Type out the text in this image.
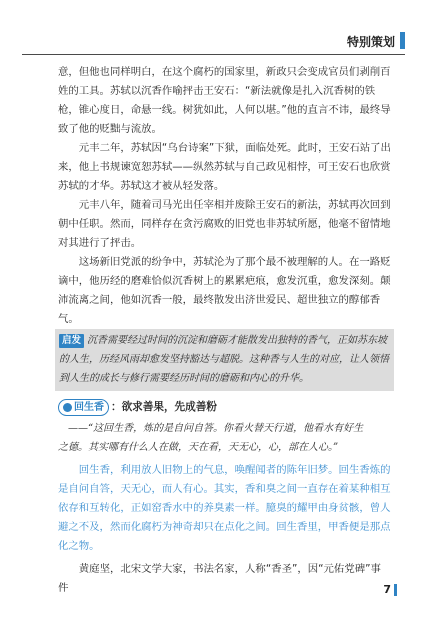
特别策划

意，但他也同样明白，在这个腐朽的国家里，新政只会变成官员们剥削百姓的工具。苏轼以沉香作喻抨击王安石：“新法就像是扎入沉香树的铁枪，锥心度日，命悬一线。树犹如此，人何以堪。”他的直言不讳，最终导致了他的贬黜与流放。

元丰二年，苏轼因“乌台诗案”下狱，面临处死。此时，王安石站了出来，他上书规谏宽恕苏轼——纵然苏轼与自己政见相悖，可王安石也欣赏苏轼的才华。苏轼这才被从轻发落。

元丰八年，随着司马光出任宰相并废除王安石的新法，苏轼再次回到朝中任职。然而，同样存在贪污腐败的旧党也非苏轼所愿，他毫不留情地对其进行了抨击。

这场新旧党派的纷争中，苏轼沦为了那个最不被理解的人。在一路贬谪中，他历经的磨难恰似沉香树上的累累疤痕，愈发沉重，愈发深刻。颠沛流离之间，他如沉香一般，最终散发出济世爱民、超世独立的醇郁香气。

启发 沉香需要经过时间的沉淀和磨砺才能散发出独特的香气，正如苏东坡的人生，历经风雨却愈发坚持豁达与超脱。这种香与人生的对应，让人领悟到人生的成长与修行需要经历时间的磨砺和内心的升华。
回生香 ：欲求善果，先成善粉

——“这回生香，炼的是自问自答。你看火替天行道，他看水有好生

之德。其实哪有什么人在做，天在看，天无心，心，部在人心。”

回生香，利用放人旧物上的气息，唤醒闻者的陈年旧梦。回生香炼的是自问自答，天无心，而人有心。其实，香和臭之间一直存在着某种相互依存和互转化，正如窑香水中的养臭素一样。臆臭的耀甲由身贫骸，曾人避之不及，然而化腐朽为神奇却只在点化之间。回生香里，甲香便是那点化之物。

黄庭坚，北宋文学大家，书法名家，人称“香圣”，因“元佑党碑”事件	7
